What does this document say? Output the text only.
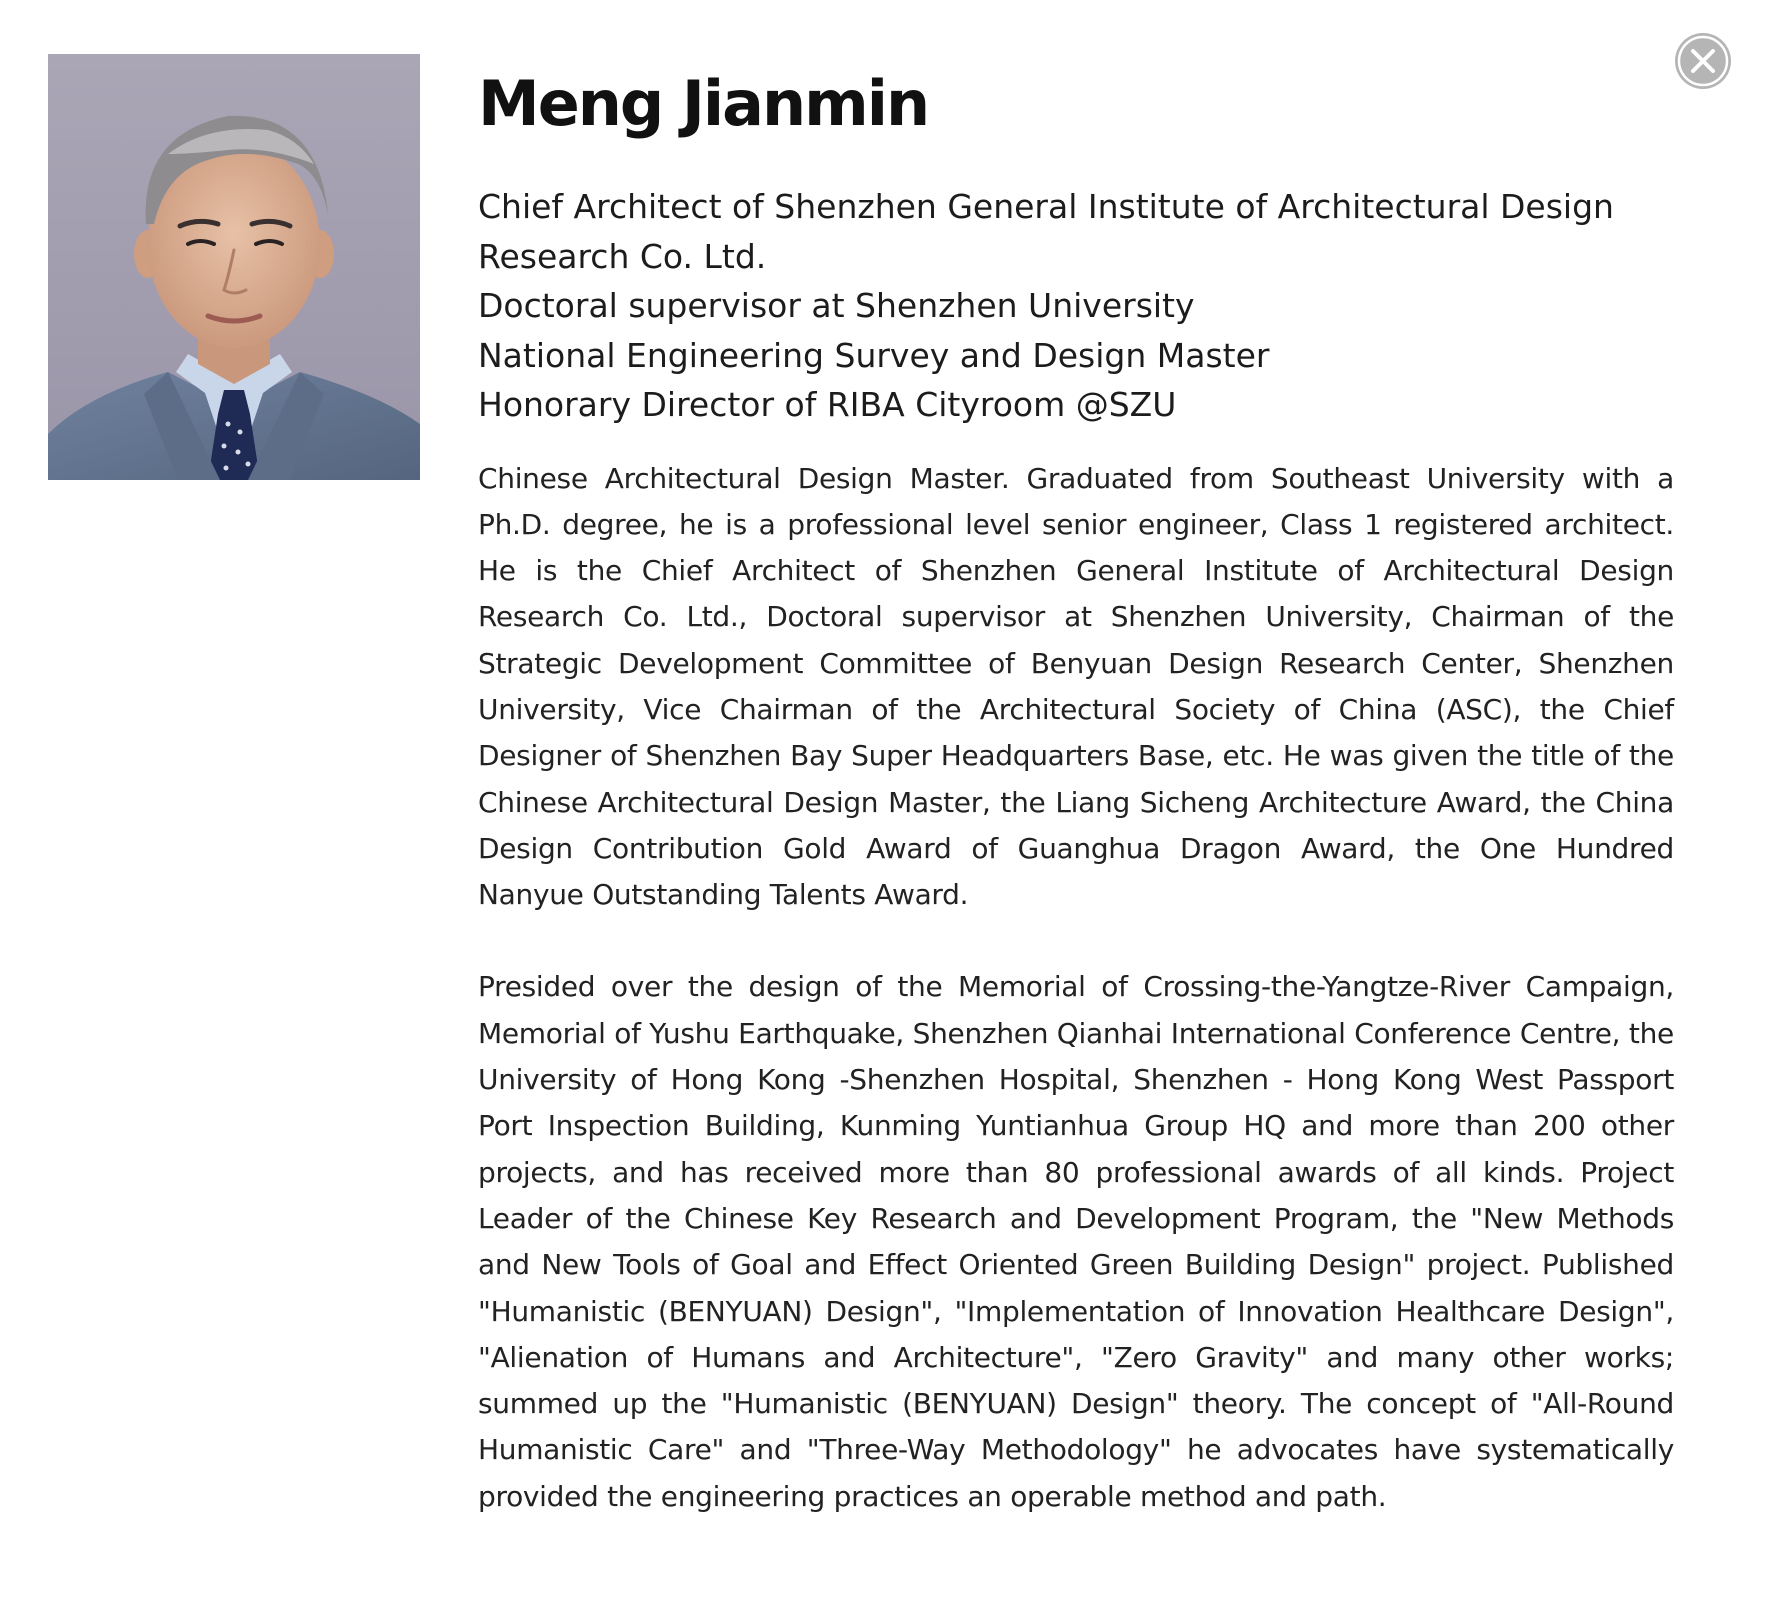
Meng Jianmin
Chief Architect of Shenzhen General Institute of Architectural Design
Research Co. Ltd.
Doctoral supervisor at Shenzhen University
National Engineering Survey and Design Master
Honorary Director of RIBA Cityroom @SZU

Chinese Architectural Design Master. Graduated from Southeast University with a Ph.D. degree, he is a professional level senior engineer, Class 1 registered architect. He is the Chief Architect of Shenzhen General Institute of Architectural Design Research Co. Ltd., Doctoral supervisor at Shenzhen University, Chairman of the Strategic Development Committee of Benyuan Design Research Center, Shenzhen University, Vice Chairman of the Architectural Society of China (ASC), the Chief Designer of Shenzhen Bay Super Headquarters Base, etc. He was given the title of the Chinese Architectural Design Master, the Liang Sicheng Architecture Award, the China Design Contribution Gold Award of Guanghua Dragon Award, the One Hundred Nanyue Outstanding Talents Award.

Presided over the design of the Memorial of Crossing-the-Yangtze-River Campaign, Memorial of Yushu Earthquake, Shenzhen Qianhai International Conference Centre, the University of Hong Kong -Shenzhen Hospital, Shenzhen - Hong Kong West Passport Port Inspection Building, Kunming Yuntianhua Group HQ and more than 200 other projects, and has received more than 80 professional awards of all kinds. Project Leader of the Chinese Key Research and Development Program, the "New Methods and New Tools of Goal and Effect Oriented Green Building Design" project. Published "Humanistic (BENYUAN) Design", "Implementation of Innovation Healthcare Design", "Alienation of Humans and Architecture", "Zero Gravity" and many other works; summed up the "Humanistic (BENYUAN) Design" theory. The concept of "All-Round Humanistic Care" and "Three-Way Methodology" he advocates have systematically provided the engineering practices an operable method and path.
